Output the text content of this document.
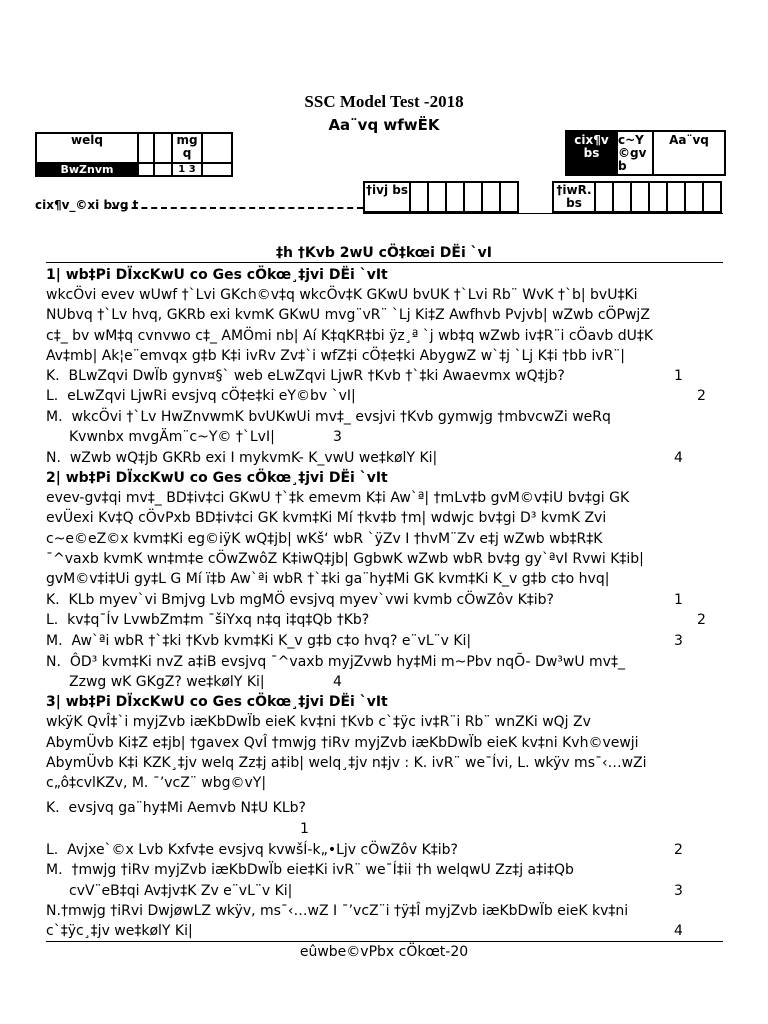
SSC Model Test -2018
Aa¨vq wfwËK
welq			mg q	
BwZnvm			1 3	
cix¶v bs	c~Y ©gv b	Aa¨vq
†ivj bs							†iwR. bs							
cix¶v_©xi bvg t
‡h †Kvb 2wU cÖ‡kœi DËi `vI
1| wb‡Pi DÏxcKwU co Ges cÖkœ¸‡jvi DËi `vIt
wkcÖvi evev wUwf †`Lvi GKch©v‡q wkcÖv‡K GKwU bvUK †`Lvi Rb¨ WvK †`b| bvU‡Ki
NUbvq †`Lv hvq, GKRb exi kvmK GKwU mvg¨vR¨ `Lj Ki‡Z Awfhvb Pvjvb| wZwb cÖPwjZ
c‡_ bv wM‡q cvnvwo c‡_ AMÖmi nb| Aí K‡qKR‡bi ÿz¸ª `j wb‡q wZwb iv‡R¨i cÖavb dU‡K
Av‡mb| Ak¦e¨emvqx g‡b K‡i ivRv Zv‡`i wfZ‡i cÖ‡e‡ki AbygwZ w`‡j `Lj K‡i †bb ivR¨|
K. BLwZqvi DwÏb gynv¤§` web eLwZqvi LjwR †Kvb †`‡ki Awaevmx wQ‡jb?	1
L. eLwZqvi LjwRi evsjvq cÖ‡e‡ki eY©bv `vI|	2
M. wkcÖvi †`Lv HwZnvwmK bvUKwUi mv‡_ evsjvi †Kvb gymwjg †mbvcwZi weRq
Kvwnbx mvgÄm¨c~Y© †`LvI|	3
N. wZwb wQ‡jb GKRb exi I mykvmK- K_vwU we‡kølY Ki|	4
2| wb‡Pi DÏxcKwU co Ges cÖkœ¸‡jvi DËi `vIt
evev-gv‡qi mv‡_ BD‡iv‡ci GKwU †`‡k emevm K‡i Aw`ª| †mLv‡b gvM©v‡iU bv‡gi GK
evÜexi Kv‡Q cÖvPxb BD‡iv‡ci GK kvm‡Ki Mí †kv‡b †m| wdwjc bv‡gi D³ kvmK Zvi
c~e©eZ©x kvm‡Ki eg©iÿK wQ‡jb| wKš‘ wbR `ÿZv I †hvM¨Zv e‡j wZwb wb‡R‡K
¯^vaxb kvmK wn‡m‡e cÖwZwôZ K‡iwQ‡jb| GgbwK wZwb wbR bv‡g gy`ªvI Rvwi K‡ib|
gvM©v‡i‡Ui gy‡L G Mí ï‡b Aw`ªi wbR †`‡ki ga¨hy‡Mi GK kvm‡Ki K_v g‡b c‡o hvq|
K. KLb myev`vi Bmjvg Lvb mgMÖ evsjvq myev`vwi kvmb cÖwZôv K‡ib?	1
L. kv‡q¯Ív LvwbZm‡m ¯šiYxq n‡q i‡q‡Qb †Kb?	2
M. Aw`ªi wbR †`‡ki †Kvb kvm‡Ki K_v g‡b c‡o hvq? e¨vL¨v Ki|	3
N. ÔD³ kvm‡Ki nvZ a‡iB evsjvq ¯^vaxb myjZvwb hy‡Mi m~Pbv nqÕ- Dw³wU mv‡_
Zzwg wK GKgZ? we‡kølY Ki|	4
3| wb‡Pi DÏxcKwU co Ges cÖkœ¸‡jvi DËi `vIt
wkÿK QvÎ‡`i myjZvb iæKbDwÏb eieK kv‡ni †Kvb c`‡ÿc iv‡R¨i Rb¨ wnZKi wQj Zv
AbymÜvb Ki‡Z e‡jb| †gavex QvÎ †mwjg †iRv myjZvb iæKbDwÏb eieK kv‡ni Kvh©vewji
AbymÜvb K‡i KZK¸‡jv welq Zz‡j a‡ib| welq¸‡jv n‡jv : K. ivR¨ we¯Ívi, L. wkÿv ms¯‹…wZi
c„ô‡cvlKZv, M. ¯’vcZ¨ wbg©vY|
K. evsjvq ga¨hy‡Mi Aemvb N‡U KLb?
1
L. Avjxe`©x Lvb Kxfv‡e evsjvq kvwšÍ-k„•Ljv cÖwZôv K‡ib?	2
M. †mwjg †iRv myjZvb iæKbDwÏb eie‡Ki ivR¨ we¯Í‡ii †h welqwU Zz‡j a‡i‡Qb
cvV¨eB‡qi Av‡jv‡K Zv e¨vL¨v Ki|	3
N.†mwjg †iRvi DwjøwLZ wkÿv, ms¯‹…wZ I ¯’vcZ¨i †ÿ‡Î myjZvb iæKbDwÏb eieK kv‡ni
c`‡ÿc¸‡jv we‡kølY Ki|	4
eûwbe©vPbx cÖkœt-20
